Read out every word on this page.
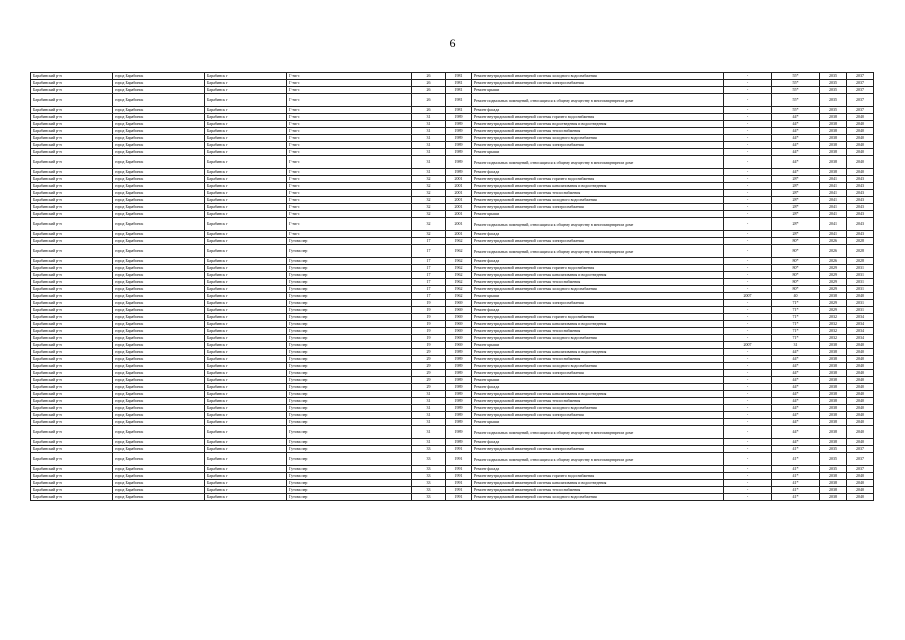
6
Барабинский р-н	город Барабинск	Барабинск г	Г-на-с	26	1981	Ремонт внутридомовой инженерной системы холодного водоснабжения	-	55*	2035	2037
Барабинский р-н	город Барабинск	Барабинск г	Г-на-с	26	1981	Ремонт внутридомовой инженерной системы электроснабжения	-	55*	2035	2037
Барабинский р-н	город Барабинск	Барабинск г	Г-на-с	26	1981	Ремонт крыши	-	55*	2035	2037
Барабинский р-н	город Барабинск	Барабинск г	Г-на-с	26	1981	Ремонт подвальных помещений, относящихся к общему имуществу в многоквартирном доме	-	55*	2035	2037
Барабинский р-н	город Барабинск	Барабинск г	Г-на-с	26	1981	Ремонт фасада	-	55*	2035	2037
Барабинский р-н	город Барабинск	Барабинск г	Г-на-с	31	1989	Ремонт внутридомовой инженерной системы горячего водоснабжения	-	44*	2038	2040
Барабинский р-н	город Барабинск	Барабинск г	Г-на-с	31	1989	Ремонт внутридомовой инженерной системы водоотведения и водоотведения	-	44*	2038	2040
Барабинский р-н	город Барабинск	Барабинск г	Г-на-с	31	1989	Ремонт внутридомовой инженерной системы теплоснабжения	-	44*	2038	2040
Барабинский р-н	город Барабинск	Барабинск г	Г-на-с	31	1989	Ремонт внутридомовой инженерной системы холодного водоснабжения	-	44*	2038	2040
Барабинский р-н	город Барабинск	Барабинск г	Г-на-с	31	1989	Ремонт внутридомовой инженерной системы электроснабжения	-	44*	2038	2040
Барабинский р-н	город Барабинск	Барабинск г	Г-на-с	31	1989	Ремонт крыши	-	44*	2038	2040
Барабинский р-н	город Барабинск	Барабинск г	Г-на-с	31	1989	Ремонт подвальных помещений, относящихся к общему имуществу в многоквартирном доме	-	44*	2038	2040
Барабинский р-н	город Барабинск	Барабинск г	Г-на-с	31	1989	Ремонт фасада	-	44*	2038	2040
Барабинский р-н	город Барабинск	Барабинск г	Г-на-с	32	2001	Ремонт внутридомовой инженерной системы горячего водоснабжения	-	28*	2041	2043
Барабинский р-н	город Барабинск	Барабинск г	Г-на-с	32	2001	Ремонт внутридомовой инженерной системы канализования и водоотведения	-	28*	2041	2043
Барабинский р-н	город Барабинск	Барабинск г	Г-на-с	32	2001	Ремонт внутридомовой инженерной системы теплоснабжения	-	28*	2041	2043
Барабинский р-н	город Барабинск	Барабинск г	Г-на-с	32	2001	Ремонт внутридомовой инженерной системы холодного водоснабжения	-	28*	2041	2043
Барабинский р-н	город Барабинск	Барабинск г	Г-на-с	32	2001	Ремонт внутридомовой инженерной системы электроснабжения	-	28*	2041	2043
Барабинский р-н	город Барабинск	Барабинск г	Г-на-с	32	2001	Ремонт крыши	-	28*	2041	2043
Барабинский р-н	город Барабинск	Барабинск г	Г-на-с	32	2001	Ремонт подвальных помещений, относящихся к общему имуществу в многоквартирном доме	-	28*	2041	2043
Барабинский р-н	город Барабинск	Барабинск г	Г-на-с	32	2001	Ремонт фасада	-	28*	2041	2043
Барабинский р-н	город Барабинск	Барабинск г	Гутова пер	17	1962	Ремонт внутридомовой инженерной системы электроснабжения	-	80*	2026	2028
Барабинский р-н	город Барабинск	Барабинск г	Гутова пер	17	1962	Ремонт подвальных помещений, относящихся к общему имуществу в многоквартирном доме	-	80*	2026	2028
Барабинский р-н	город Барабинск	Барабинск г	Гутова пер	17	1962	Ремонт фасада	-	80*	2026	2028
Барабинский р-н	город Барабинск	Барабинск г	Гутова пер	17	1962	Ремонт внутридомовой инженерной системы горячего водоснабжения	-	80*	2029	2031
Барабинский р-н	город Барабинск	Барабинск г	Гутова пер	17	1962	Ремонт внутридомовой инженерной системы канализования и водоотведения	-	80*	2029	2031
Барабинский р-н	город Барабинск	Барабинск г	Гутова пер	17	1962	Ремонт внутридомовой инженерной системы теплоснабжения	-	80*	2029	2031
Барабинский р-н	город Барабинск	Барабинск г	Гутова пер	17	1962	Ремонт внутридомовой инженерной системы холодного водоснабжения	-	80*	2029	2031
Барабинский р-н	город Барабинск	Барабинск г	Гутова пер	17	1962	Ремонт крыши	2007	40	2038	2040
Барабинский р-н	город Барабинск	Барабинск г	Гутова пер	19	1969	Ремонт внутридомовой инженерной системы электроснабжения	-	71*	2029	2031
Барабинский р-н	город Барабинск	Барабинск г	Гутова пер	19	1969	Ремонт фасада	-	71*	2029	2031
Барабинский р-н	город Барабинск	Барабинск г	Гутова пер	19	1969	Ремонт внутридомовой инженерной системы горячего водоснабжения	-	71*	2032	2034
Барабинский р-н	город Барабинск	Барабинск г	Гутова пер	19	1969	Ремонт внутридомовой инженерной системы канализования и водоотведения	-	71*	2032	2034
Барабинский р-н	город Барабинск	Барабинск г	Гутова пер	19	1969	Ремонт внутридомовой инженерной системы теплоснабжения	-	71*	2032	2034
Барабинский р-н	город Барабинск	Барабинск г	Гутова пер	19	1969	Ремонт внутридомовой инженерной системы холодного водоснабжения	-	71*	2032	2034
Барабинский р-н	город Барабинск	Барабинск г	Гутова пер	19	1969	Ремонт крыши	2007	31	2038	2040
Барабинский р-н	город Барабинск	Барабинск г	Гутова пер	29	1989	Ремонт внутридомовой инженерной системы канализования и водоотведения	-	44*	2038	2040
Барабинский р-н	город Барабинск	Барабинск г	Гутова пер	29	1989	Ремонт внутридомовой инженерной системы теплоснабжения	-	44*	2038	2040
Барабинский р-н	город Барабинск	Барабинск г	Гутова пер	29	1989	Ремонт внутридомовой инженерной системы холодного водоснабжения	-	44*	2038	2040
Барабинский р-н	город Барабинск	Барабинск г	Гутова пер	29	1989	Ремонт внутридомовой инженерной системы электроснабжения	-	44*	2038	2040
Барабинский р-н	город Барабинск	Барабинск г	Гутова пер	29	1989	Ремонт крыши	-	44*	2038	2040
Барабинский р-н	город Барабинск	Барабинск г	Гутова пер	29	1989	Ремонт фасада	-	44*	2038	2040
Барабинский р-н	город Барабинск	Барабинск г	Гутова пер	31	1989	Ремонт внутридомовой инженерной системы канализования и водоотведения	-	44*	2038	2040
Барабинский р-н	город Барабинск	Барабинск г	Гутова пер	31	1989	Ремонт внутридомовой инженерной системы теплоснабжения	-	44*	2038	2040
Барабинский р-н	город Барабинск	Барабинск г	Гутова пер	31	1989	Ремонт внутридомовой инженерной системы холодного водоснабжения	-	44*	2038	2040
Барабинский р-н	город Барабинск	Барабинск г	Гутова пер	31	1989	Ремонт внутридомовой инженерной системы электроснабжения	-	44*	2038	2040
Барабинский р-н	город Барабинск	Барабинск г	Гутова пер	31	1989	Ремонт крыши	-	44*	2038	2040
Барабинский р-н	город Барабинск	Барабинск г	Гутова пер	31	1989	Ремонт подвальных помещений, относящихся к общему имуществу в многоквартирном доме	-	44*	2038	2040
Барабинский р-н	город Барабинск	Барабинск г	Гутова пер	31	1989	Ремонт фасада	-	44*	2038	2040
Барабинский р-н	город Барабинск	Барабинск г	Гутова пер	33	1991	Ремонт внутридомовой инженерной системы электроснабжения	-	41*	2035	2037
Барабинский р-н	город Барабинск	Барабинск г	Гутова пер	33	1991	Ремонт подвальных помещений, относящихся к общему имуществу в многоквартирном доме	-	41*	2035	2037
Барабинский р-н	город Барабинск	Барабинск г	Гутова пер	33	1991	Ремонт фасада	-	41*	2035	2037
Барабинский р-н	город Барабинск	Барабинск г	Гутова пер	33	1991	Ремонт внутридомовой инженерной системы горячего водоснабжения	-	41*	2038	2040
Барабинский р-н	город Барабинск	Барабинск г	Гутова пер	33	1991	Ремонт внутридомовой инженерной системы канализования и водоотведения	-	41*	2038	2040
Барабинский р-н	город Барабинск	Барабинск г	Гутова пер	33	1991	Ремонт внутридомовой инженерной системы теплоснабжения	-	41*	2038	2040
Барабинский р-н	город Барабинск	Барабинск г	Гутова пер	33	1991	Ремонт внутридомовой инженерной системы холодного водоснабжения	-	41*	2038	2040
